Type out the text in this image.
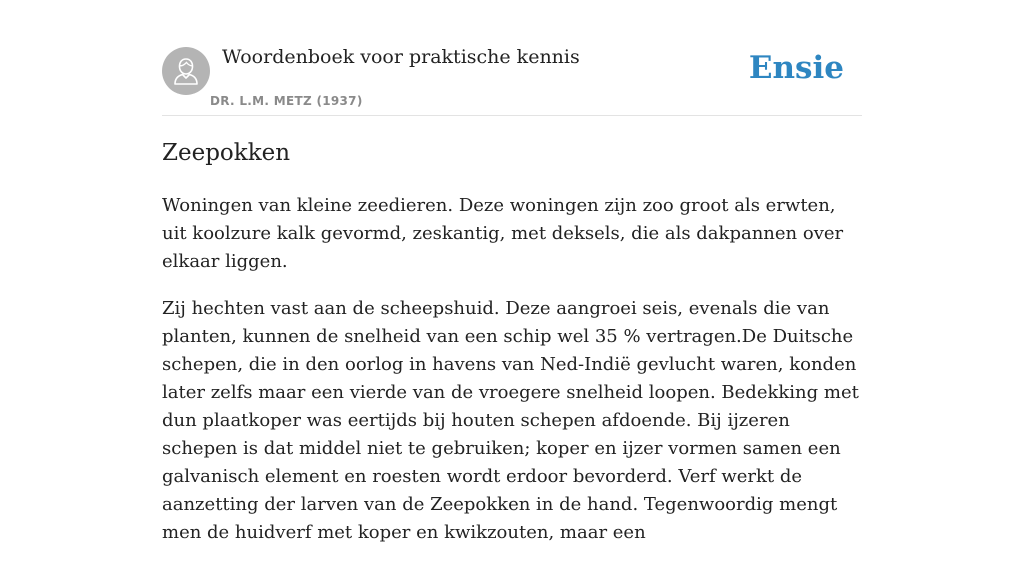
Woordenboek voor praktische kennis
DR. L.M. METZ (1937)
Ensie
Zeepokken

Woningen van kleine zeedieren. Deze woningen zijn zoo groot als erwten, uit koolzure kalk gevormd, zeskantig, met deksels, die als dakpannen over elkaar liggen.

Zij hechten vast aan de scheepshuid. Deze aangroei seis, evenals die van planten, kunnen de snelheid van een schip wel 35 % vertragen.De Duitsche schepen, die in den oorlog in havens van Ned-Indië gevlucht waren, konden later zelfs maar een vierde van de vroegere snelheid loopen. Bedekking met dun plaatkoper was eertijds bij houten schepen afdoende. Bij ijzeren schepen is dat middel niet te gebruiken; koper en ijzer vormen samen een galvanisch element en roesten wordt erdoor bevorderd. Verf werkt de aanzetting der larven van de Zeepokken in de hand. Tegenwoordig mengt men de huidverf met koper en kwikzouten, maar een
